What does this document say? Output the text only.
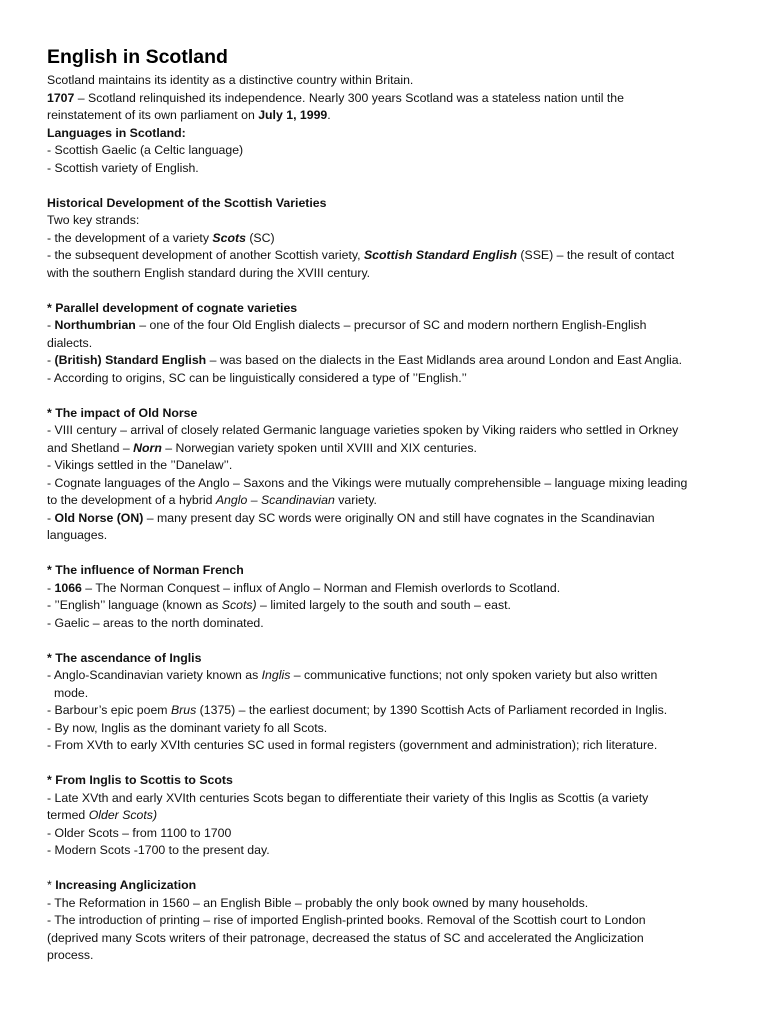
English in Scotland
Scotland maintains its identity as a distinctive country within Britain.
1707 – Scotland relinquished its independence. Nearly 300 years Scotland was a stateless nation until the
reinstatement of its own parliament on July 1, 1999.
Languages in Scotland:
- Scottish Gaelic (a Celtic language)
- Scottish variety of English.
Historical Development of the Scottish Varieties
Two key strands:
- the development of a variety Scots (SC)
- the subsequent development of another Scottish variety, Scottish Standard English (SSE) – the result of contact
with the southern English standard during the XVIII century.
* Parallel development of cognate varieties
- Northumbrian – one of the four Old English dialects – precursor of SC and modern northern English-English
dialects.
- (British) Standard English – was based on the dialects in the East Midlands area around London and East Anglia.
- According to origins, SC can be linguistically considered a type of ’’English.’’
* The impact of Old Norse
- VIII century – arrival of closely related Germanic language varieties spoken by Viking raiders who settled in Orkney
and Shetland – Norn – Norwegian variety spoken until XVIII and XIX centuries.
- Vikings settled in the ’’Danelaw’’.
- Cognate languages of the Anglo – Saxons and the Vikings were mutually comprehensible – language mixing leading
to the development of a hybrid Anglo – Scandinavian variety.
- Old Norse (ON) – many present day SC words were originally ON and still have cognates in the Scandinavian
languages.
* The influence of Norman French
- 1066 – The Norman Conquest – influx of Anglo – Norman and Flemish overlords to Scotland.
- ’’English’’ language (known as Scots) – limited largely to the south and south – east.
- Gaelic – areas to the north dominated.
* The ascendance of Inglis
- Anglo-Scandinavian variety known as Inglis – communicative functions; not only spoken variety but also written
mode.
- Barbour’s epic poem Brus (1375) – the earliest document; by 1390 Scottish Acts of Parliament recorded in Inglis.
- By now, Inglis as the dominant variety fo all Scots.
- From XVth to early XVIth centuries SC used in formal registers (government and administration); rich literature.
* From Inglis to Scottis to Scots
- Late XVth and early XVIth centuries Scots began to differentiate their variety of this Inglis as Scottis (a variety
termed Older Scots)
- Older Scots – from 1100 to 1700
- Modern Scots -1700 to the present day.
* Increasing Anglicization
- The Reformation in 1560 – an English Bible – probably the only book owned by many households.
- The introduction of printing – rise of imported English-printed books. Removal of the Scottish court to London
(deprived many Scots writers of their patronage, decreased the status of SC and accelerated the Anglicization
process.
